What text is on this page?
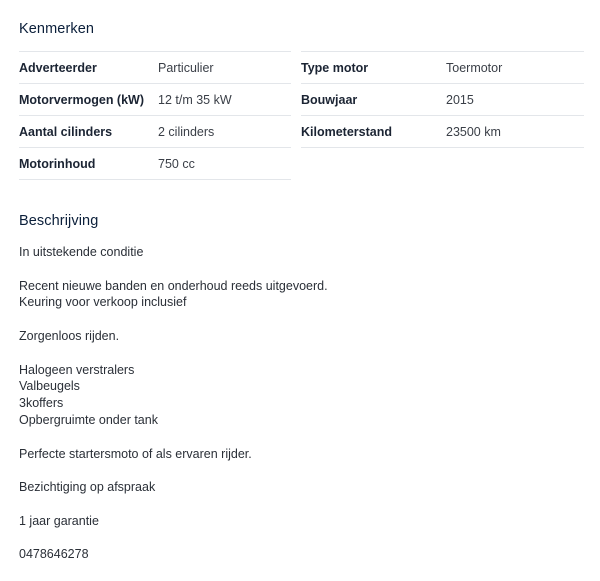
Kenmerken
Adverteerder	Particulier
Motorvermogen (kW)	12 t/m 35 kW
Aantal cilinders	2 cilinders
Motorinhoud	750 cc
Type motor	Toermotor
Bouwjaar	2015
Kilometerstand	23500 km
Beschrijving

In uitstekende conditie

Recent nieuwe banden en onderhoud reeds uitgevoerd.
Keuring voor verkoop inclusief

Zorgenloos rijden.

Halogeen verstralers
Valbeugels
3koffers
Opbergruimte onder tank

Perfecte startersmoto of als ervaren rijder.

Bezichtiging op afspraak

1 jaar garantie

0478646278
